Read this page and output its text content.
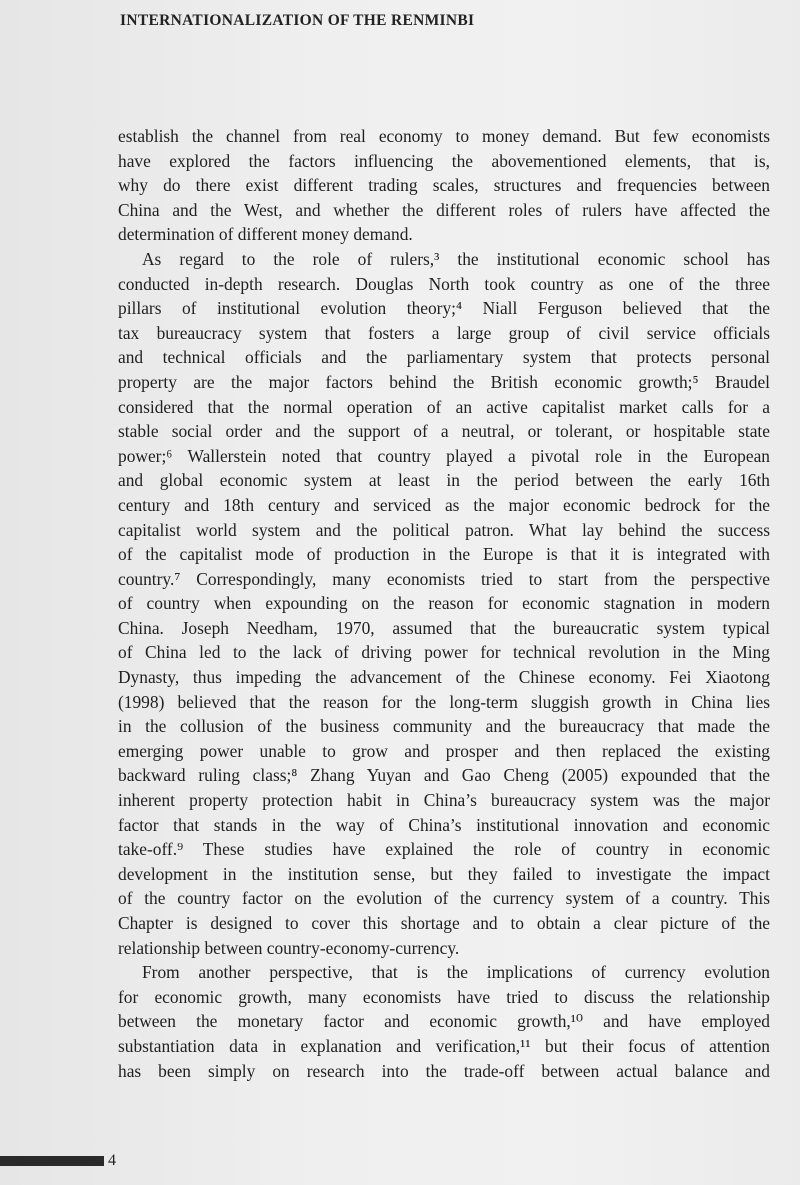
INTERNATIONALIZATION OF THE RENMINBI
establish the channel from real economy to money demand. But few economists
have explored the factors influencing the abovementioned elements, that is,
why do there exist different trading scales, structures and frequencies between
China and the West, and whether the different roles of rulers have affected the
determination of different money demand.
As regard to the role of rulers,³ the institutional economic school has
conducted in-depth research. Douglas North took country as one of the three
pillars of institutional evolution theory;⁴ Niall Ferguson believed that the
tax bureaucracy system that fosters a large group of civil service officials
and technical officials and the parliamentary system that protects personal
property are the major factors behind the British economic growth;⁵ Braudel
considered that the normal operation of an active capitalist market calls for a
stable social order and the support of a neutral, or tolerant, or hospitable state
power;⁶ Wallerstein noted that country played a pivotal role in the European
and global economic system at least in the period between the early 16th
century and 18th century and serviced as the major economic bedrock for the
capitalist world system and the political patron. What lay behind the success
of the capitalist mode of production in the Europe is that it is integrated with
country.⁷ Correspondingly, many economists tried to start from the perspective
of country when expounding on the reason for economic stagnation in modern
China. Joseph Needham, 1970, assumed that the bureaucratic system typical
of China led to the lack of driving power for technical revolution in the Ming
Dynasty, thus impeding the advancement of the Chinese economy. Fei Xiaotong
(1998) believed that the reason for the long-term sluggish growth in China lies
in the collusion of the business community and the bureaucracy that made the
emerging power unable to grow and prosper and then replaced the existing
backward ruling class;⁸ Zhang Yuyan and Gao Cheng (2005) expounded that the
inherent property protection habit in China’s bureaucracy system was the major
factor that stands in the way of China’s institutional innovation and economic
take-off.⁹ These studies have explained the role of country in economic
development in the institution sense, but they failed to investigate the impact
of the country factor on the evolution of the currency system of a country. This
Chapter is designed to cover this shortage and to obtain a clear picture of the
relationship between country-economy-currency.
From another perspective, that is the implications of currency evolution
for economic growth, many economists have tried to discuss the relationship
between the monetary factor and economic growth,¹⁰ and have employed
substantiation data in explanation and verification,¹¹ but their focus of attention
has been simply on research into the trade-off between actual balance and
4
